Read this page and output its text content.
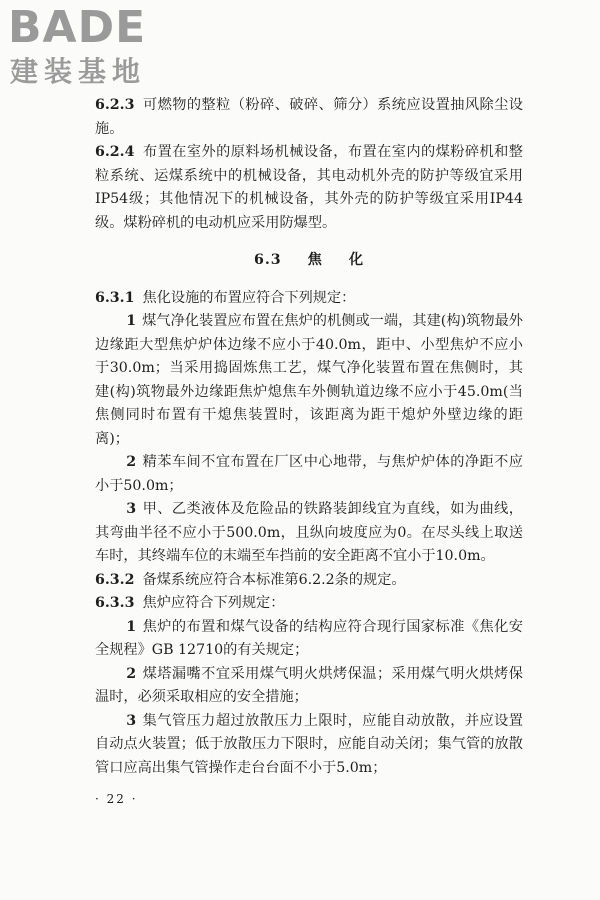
BADE
建装基地

6.2.3 可燃物的整粒（粉碎、破碎、筛分）系统应设置抽风除尘设施。

6.2.4 布置在室外的原料场机械设备，布置在室内的煤粉碎机和整粒系统、运煤系统中的机械设备，其电动机外壳的防护等级宜采用IP54级；其他情况下的机械设备，其外壳的防护等级宜采用IP44级。煤粉碎机的电动机应采用防爆型。

6.3 焦 化

6.3.1 焦化设施的布置应符合下列规定：

1 煤气净化装置应布置在焦炉的机侧或一端，其建(构)筑物最外边缘距大型焦炉炉体边缘不应小于40.0m，距中、小型焦炉不应小于30.0m；当采用捣固炼焦工艺，煤气净化装置布置在焦侧时，其建(构)筑物最外边缘距焦炉熄焦车外侧轨道边缘不应小于45.0m(当焦侧同时布置有干熄焦装置时，该距离为距干熄炉外壁边缘的距离)；

2 精苯车间不宜布置在厂区中心地带，与焦炉炉体的净距不应小于50.0m；

3 甲、乙类液体及危险品的铁路装卸线宜为直线，如为曲线，其弯曲半径不应小于500.0m，且纵向坡度应为0。在尽头线上取送车时，其终端车位的末端至车挡前的安全距离不宜小于10.0m。

6.3.2 备煤系统应符合本标准第6.2.2条的规定。

6.3.3 焦炉应符合下列规定：

1 焦炉的布置和煤气设备的结构应符合现行国家标准《焦化安全规程》GB 12710的有关规定；

2 煤塔漏嘴不宜采用煤气明火烘烤保温；采用煤气明火烘烤保温时，必须采取相应的安全措施；

3 集气管压力超过放散压力上限时，应能自动放散，并应设置自动点火装置；低于放散压力下限时，应能自动关闭；集气管的放散管口应高出集气管操作走台台面不小于5.0m；

· 22 ·
